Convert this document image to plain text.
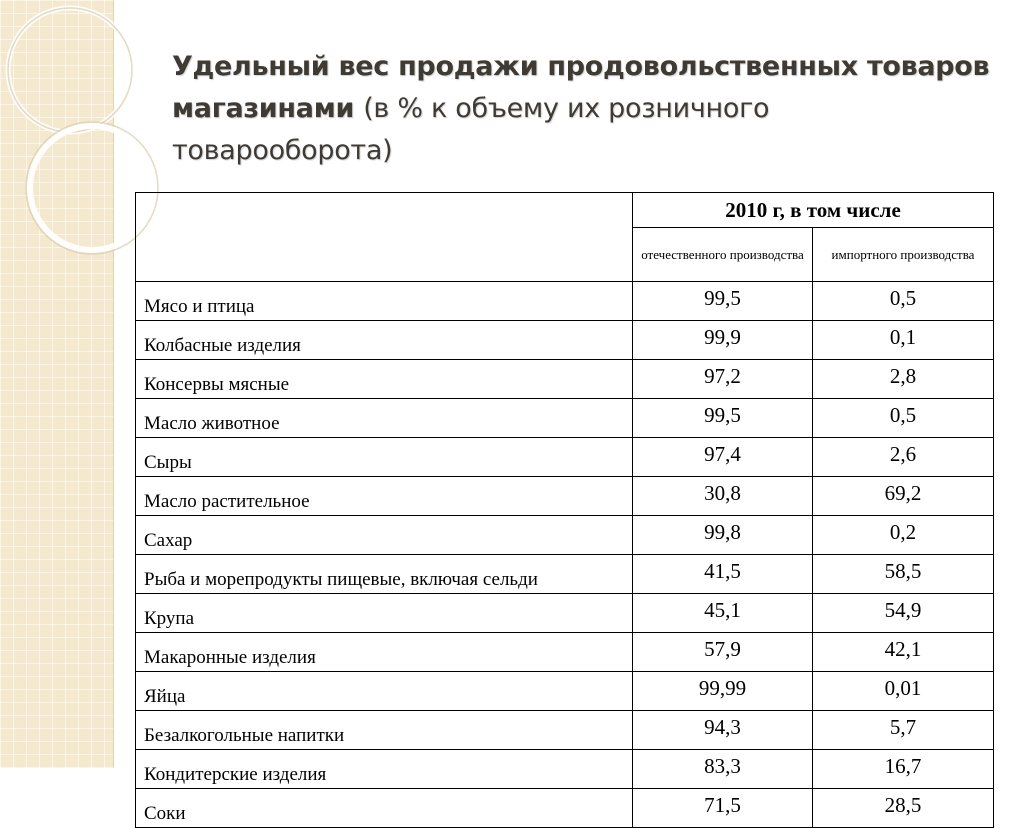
Удельный вес продажи продовольственных товаров магазинами (в % к объему их розничного товарооборота)
	2010 г, в том числе	
	отечественного производства	импортного производства
Мясо и птица	99,5	0,5
Колбасные изделия	99,9	0,1
Консервы мясные	97,2	2,8
Масло животное	99,5	0,5
Сыры	97,4	2,6
Масло растительное	30,8	69,2
Сахар	99,8	0,2
Рыба и морепродукты пищевые, включая сельди	41,5	58,5
Крупа	45,1	54,9
Макаронные изделия	57,9	42,1
Яйца	99,99	0,01
Безалкогольные напитки	94,3	5,7
Кондитерские изделия	83,3	16,7
Соки	71,5	28,5
